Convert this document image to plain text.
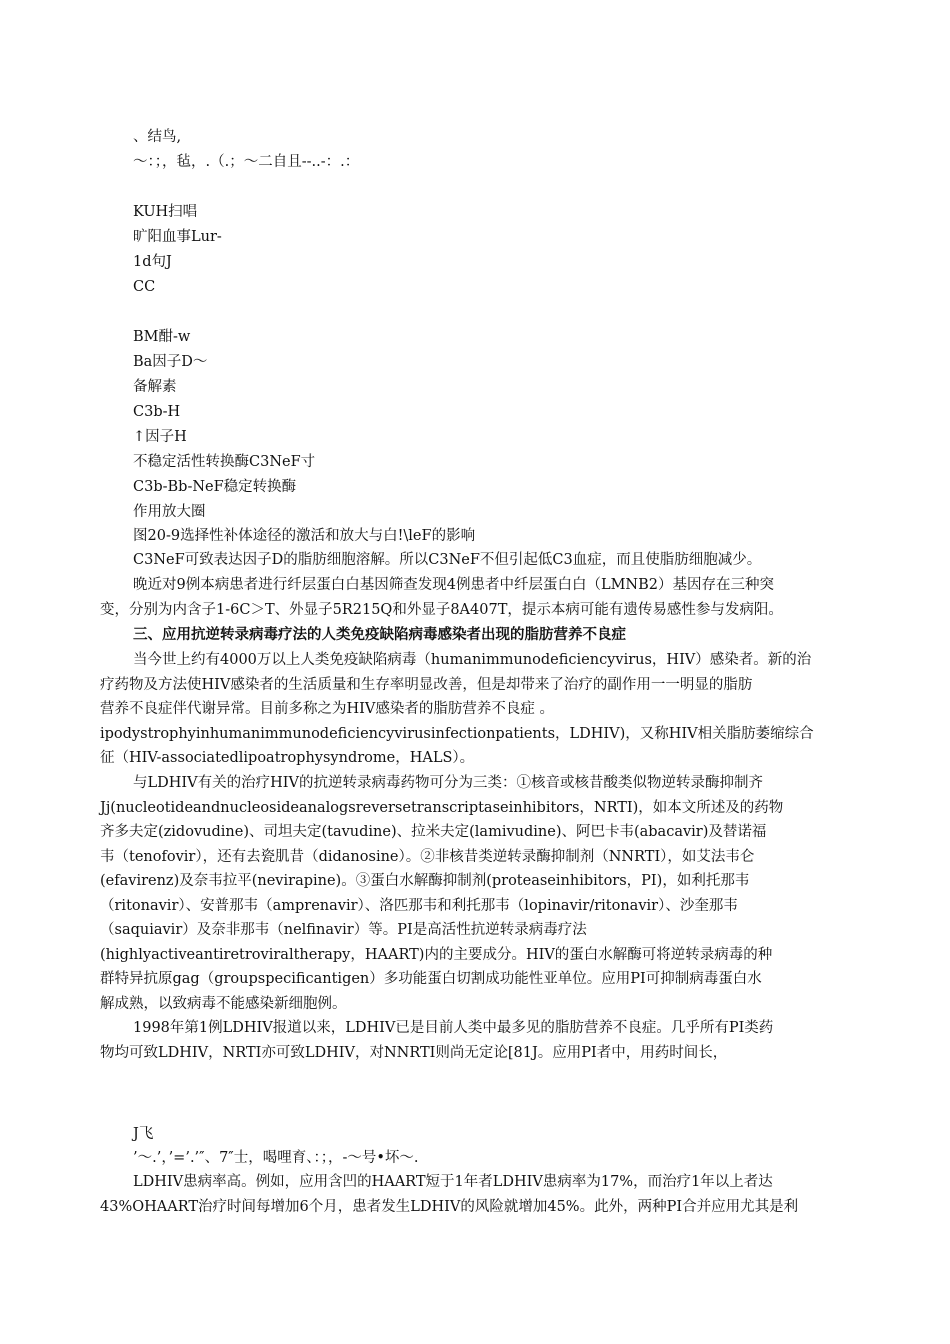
、结鸟,
～：；，毡，.（.；～二自且--..-：.：
KUH扫唱
旷阳血事Lur-
1d句J
CC
BM酣-w
Ba因子D～
备解素
C3b-H
↑因子H
不稳定活性转换酶C3NeF寸
C3b-Bb-NeF稳定转换酶
作用放大圈
图20-9选择性补体途径的激活和放大与白!\leF的影响

C3NeF可致表达因子D的脂肪细胞溶解。所以C3NeF不但引起低C3血症，而且使脂肪细胞减少。

晚近对9例本病患者进行纤层蛋白白基因筛查发现4例患者中纤层蛋白白（LMNB2）基因存在三种突

变，分别为内含子1-6C＞T、外显子5R215Q和外显子8A407T，提示本病可能有遗传易感性参与发病阳。

三、应用抗逆转录病毒疗法的人类免疫缺陷病毒感染者出现的脂肪营养不良症

当今世上约有4000万以上人类免疫缺陷病毒（humanimmunodeficiencyvirus，HIV）感染者。新的治

疗药物及方法使HIV感染者的生活质量和生存率明显改善，但是却带来了治疗的副作用一一明显的脂肪

营养不良症伴代谢异常。目前多称之为HIV感染者的脂肪营养不良症 。

ipodystrophyinhumanimmunodeficiencyvirusinfectionpatients，LDHIV)，又称HIV相关脂肪萎缩综合

征（HIV-associatedlipoatrophysyndrome，HALS）。

与LDHIV有关的治疗HIV的抗逆转录病毒药物可分为三类：①核音或核昔酸类似物逆转录酶抑制齐

Jj(nucleotideandnucleosideanalogsreversetranscriptaseinhibitors，NRTI)，如本文所述及的药物

齐多夫定(zidovudine)、司坦夫定(tavudine)、拉米夫定(lamivudine)、阿巴卡韦(abacavir)及替诺福

韦（tenofovir），还有去瓷肌昔（didanosine）。②非核昔类逆转录酶抑制剂（NNRTI），如艾法韦仑

(efavirenz)及奈韦拉平(nevirapine)。③蛋白水解酶抑制剂(proteaseinhibitors，PI)，如利托那韦

（ritonavir）、安普那韦（amprenavir）、洛匹那韦和利托那韦（lopinavir/ritonavir）、沙奎那韦

（saquiavir）及奈非那韦（nelfinavir）等。PI是高活性抗逆转录病毒疗法

(highlyactiveantiretroviraltherapy，HAART)内的主要成分。HIV的蛋白水解酶可将逆转录病毒的种

群特异抗原gag（groupspecificantigen）多功能蛋白切割成功能性亚单位。应用PI可抑制病毒蛋白水

解成熟，以致病毒不能感染新细胞例。

1998年第1例LDHIV报道以来，LDHIV已是目前人类中最多见的脂肪营养不良症。几乎所有PI类药

物均可致LDHIV，NRTI亦可致LDHIV，对NNRTI则尚无定论[81J。应用PI者中，用药时间长，

J飞
’～.’，’=’.’″、7″士，喝哩育、：；，-～号•坏～.

LDHIV患病率高。例如，应用含凹的HAART短于1年者LDHIV患病率为17%，而治疗1年以上者达

43%OHAART治疗时间每增加6个月，患者发生LDHIV的风险就增加45%。此外，两种PI合并应用尤其是利
